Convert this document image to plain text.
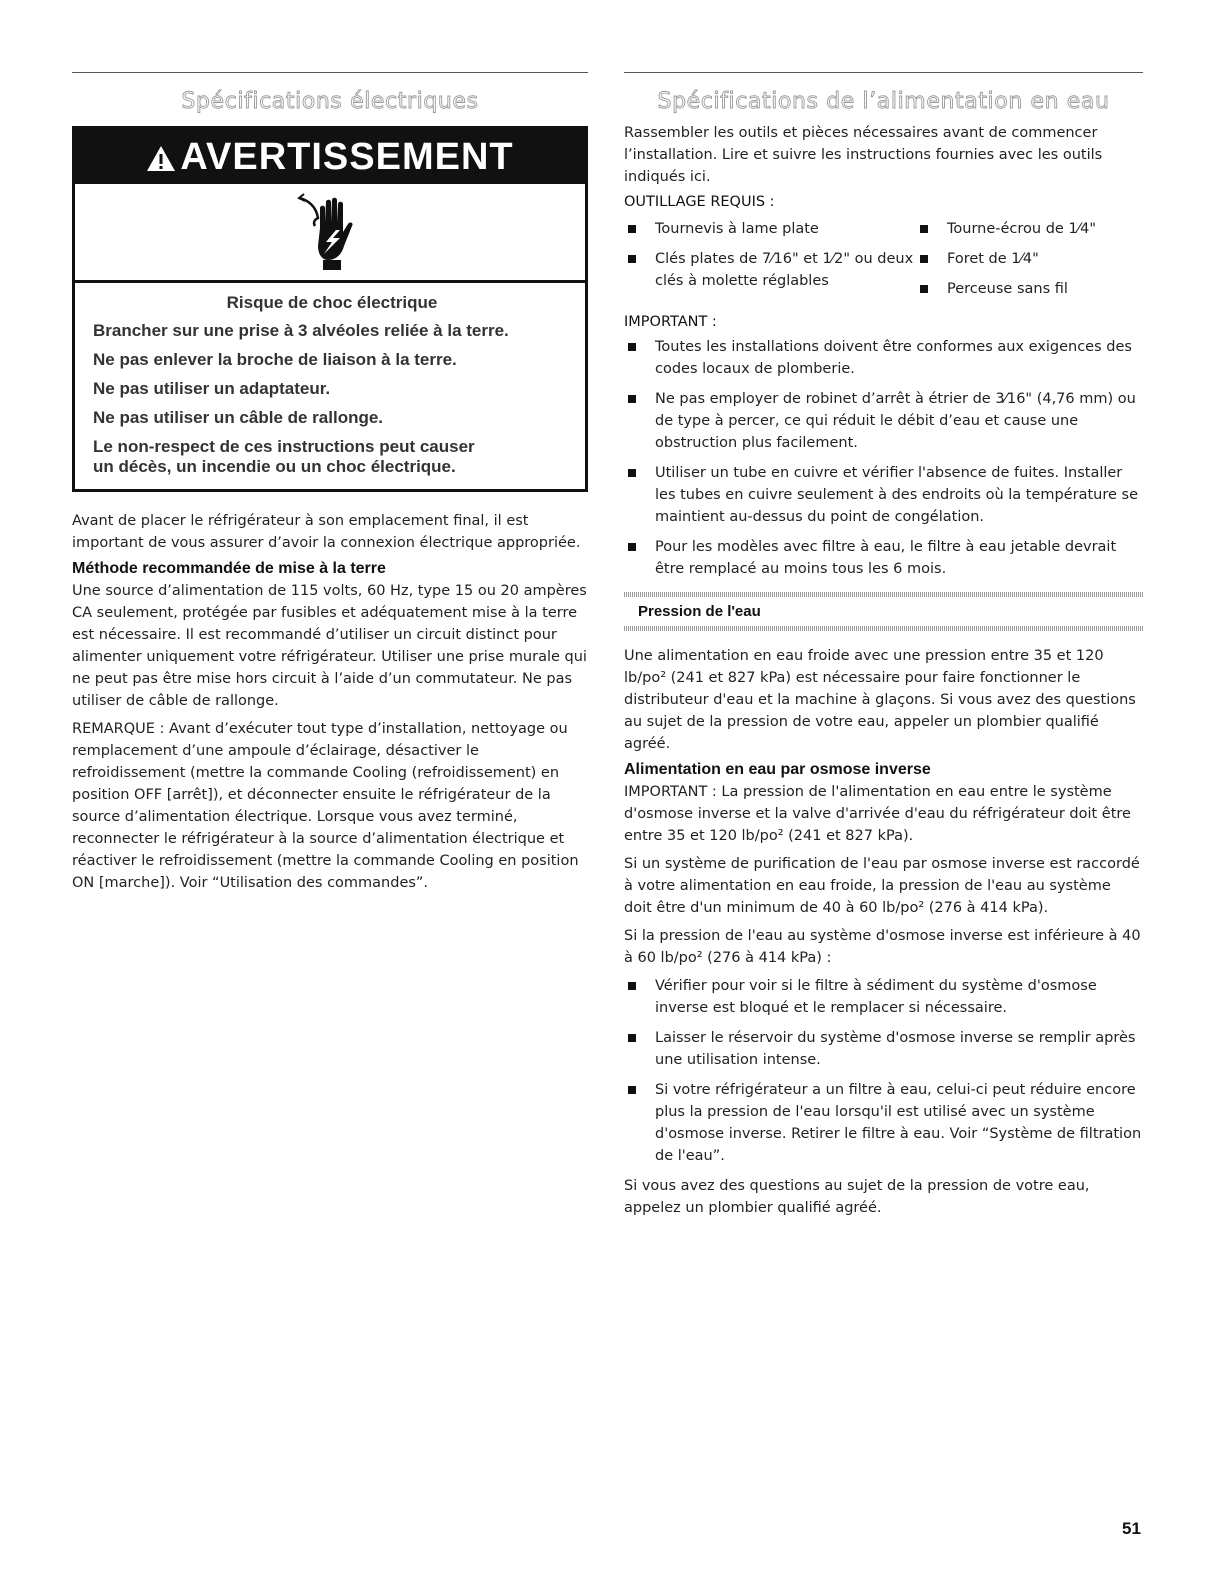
Spécifications électriques
AVERTISSEMENT
Risque de choc électrique

Brancher sur une prise à 3 alvéoles reliée à la terre.

Ne pas enlever la broche de liaison à la terre.

Ne pas utiliser un adaptateur.

Ne pas utiliser un câble de rallonge.

Le non-respect de ces instructions peut causer
un décès, un incendie ou un choc électrique.

Avant de placer le réfrigérateur à son emplacement final, il est important de vous assurer d’avoir la connexion électrique appropriée.

Méthode recommandée de mise à la terre

Une source d’alimentation de 115 volts, 60 Hz, type 15 ou 20 ampères CA seulement, protégée par fusibles et adéquatement mise à la terre est nécessaire. Il est recommandé d’utiliser un circuit distinct pour alimenter uniquement votre réfrigérateur. Utiliser une prise murale qui ne peut pas être mise hors circuit à l’aide d’un commutateur. Ne pas utiliser de câble de rallonge.

REMARQUE : Avant d’exécuter tout type d’installation, nettoyage ou remplacement d’une ampoule d’éclairage, désactiver le refroidissement (mettre la commande Cooling (refroidissement) en position OFF [arrêt]), et déconnecter ensuite le réfrigérateur de la source d’alimentation électrique. Lorsque vous avez terminé, reconnecter le réfrigérateur à la source d’alimentation électrique et réactiver le refroidissement (mettre la commande Cooling en position ON [marche]). Voir “Utilisation des commandes”.

Spécifications de l’alimentation en eau

Rassembler les outils et pièces nécessaires avant de commencer l’installation. Lire et suivre les instructions fournies avec les outils indiqués ici.

OUTILLAGE REQUIS :
Tournevis à lame plate
Clés plates de 7⁄16" et 1⁄2" ou deux clés à molette réglables
Tourne-écrou de 1⁄4"
Foret de 1⁄4"
Perceuse sans fil
IMPORTANT :
Toutes les installations doivent être conformes aux exigences des codes locaux de plomberie.
Ne pas employer de robinet d’arrêt à étrier de 3⁄16" (4,76 mm) ou de type à percer, ce qui réduit le débit d’eau et cause une obstruction plus facilement.
Utiliser un tube en cuivre et vérifier l'absence de fuites. Installer les tubes en cuivre seulement à des endroits où la température se maintient au-dessus du point de congélation.
Pour les modèles avec filtre à eau, le filtre à eau jetable devrait être remplacé au moins tous les 6 mois.
Pression de l'eau

Une alimentation en eau froide avec une pression entre 35 et 120 lb/po² (241 et 827 kPa) est nécessaire pour faire fonctionner le distributeur d'eau et la machine à glaçons. Si vous avez des questions au sujet de la pression de votre eau, appeler un plombier qualifié agréé.

Alimentation en eau par osmose inverse

IMPORTANT : La pression de l'alimentation en eau entre le système d'osmose inverse et la valve d'arrivée d'eau du réfrigérateur doit être entre 35 et 120 lb/po² (241 et 827 kPa).

Si un système de purification de l'eau par osmose inverse est raccordé à votre alimentation en eau froide, la pression de l'eau au système doit être d'un minimum de 40 à 60 lb/po² (276 à 414 kPa).

Si la pression de l'eau au système d'osmose inverse est inférieure à 40 à 60 lb/po² (276 à 414 kPa) :

Vérifier pour voir si le filtre à sédiment du système d'osmose inverse est bloqué et le remplacer si nécessaire.
Laisser le réservoir du système d'osmose inverse se remplir après une utilisation intense.
Si votre réfrigérateur a un filtre à eau, celui-ci peut réduire encore plus la pression de l'eau lorsqu'il est utilisé avec un système d'osmose inverse. Retirer le filtre à eau. Voir “Système de filtration de l'eau”.

Si vous avez des questions au sujet de la pression de votre eau, appelez un plombier qualifié agréé.

51
